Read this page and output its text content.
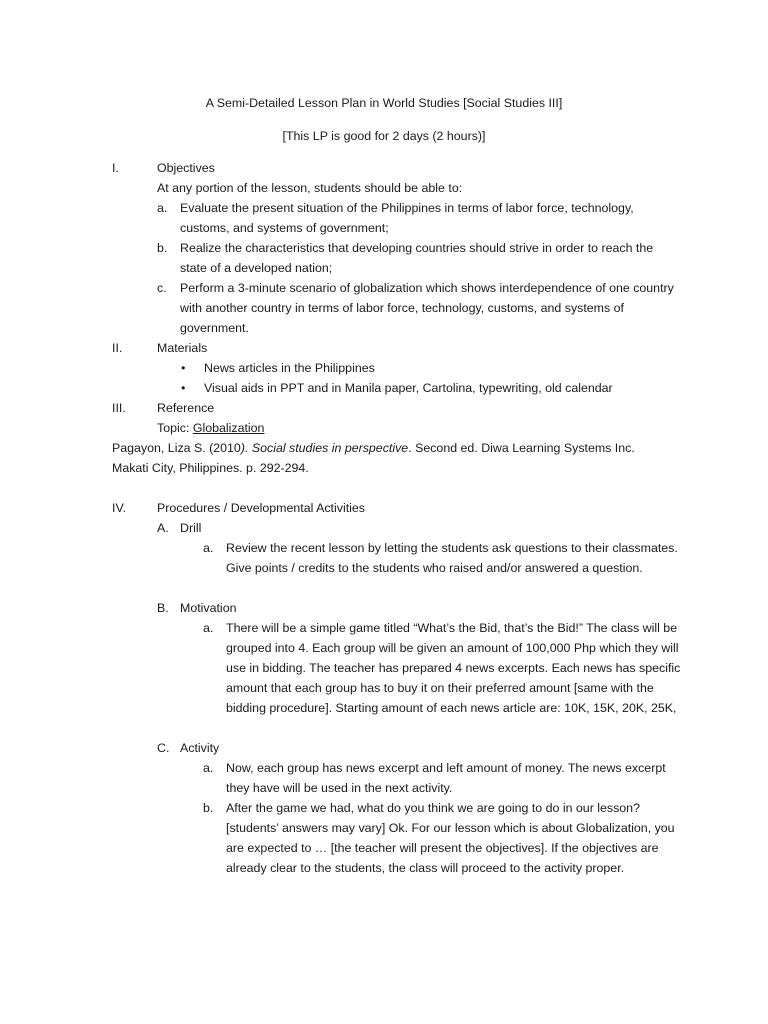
A Semi-Detailed Lesson Plan in World Studies [Social Studies III]
[This LP is good for 2 days (2 hours)]
I.	Objectives
At any portion of the lesson, students should be able to:
a. Evaluate the present situation of the Philippines in terms of labor force, technology, customs, and systems of government;
b. Realize the characteristics that developing countries should strive in order to reach the state of a developed nation;
c. Perform a 3-minute scenario of globalization which shows interdependence of one country with another country in terms of labor force, technology, customs, and systems of government.
II.	Materials
• News articles in the Philippines
• Visual aids in PPT and in Manila paper, Cartolina, typewriting, old calendar
III.	Reference
Topic: Globalization
Pagayon, Liza S. (2010). Social studies in perspective. Second ed. Diwa Learning Systems Inc.
Makati City, Philippines. p. 292-294.
IV. Procedures / Developmental Activities
A. Drill
a. Review the recent lesson by letting the students ask questions to their classmates. Give points / credits to the students who raised and/or answered a question.
B. Motivation
a. There will be a simple game titled “What’s the Bid, that’s the Bid!” The class will be grouped into 4. Each group will be given an amount of 100,000 Php which they will use in bidding. The teacher has prepared 4 news excerpts. Each news has specific amount that each group has to buy it on their preferred amount [same with the bidding procedure]. Starting amount of each news article are: 10K, 15K, 20K, 25K,
C. Activity
a. Now, each group has news excerpt and left amount of money. The news excerpt they have will be used in the next activity.
b. After the game we had, what do you think we are going to do in our lesson? [students’ answers may vary] Ok. For our lesson which is about Globalization, you are expected to … [the teacher will present the objectives]. If the objectives are already clear to the students, the class will proceed to the activity proper.
